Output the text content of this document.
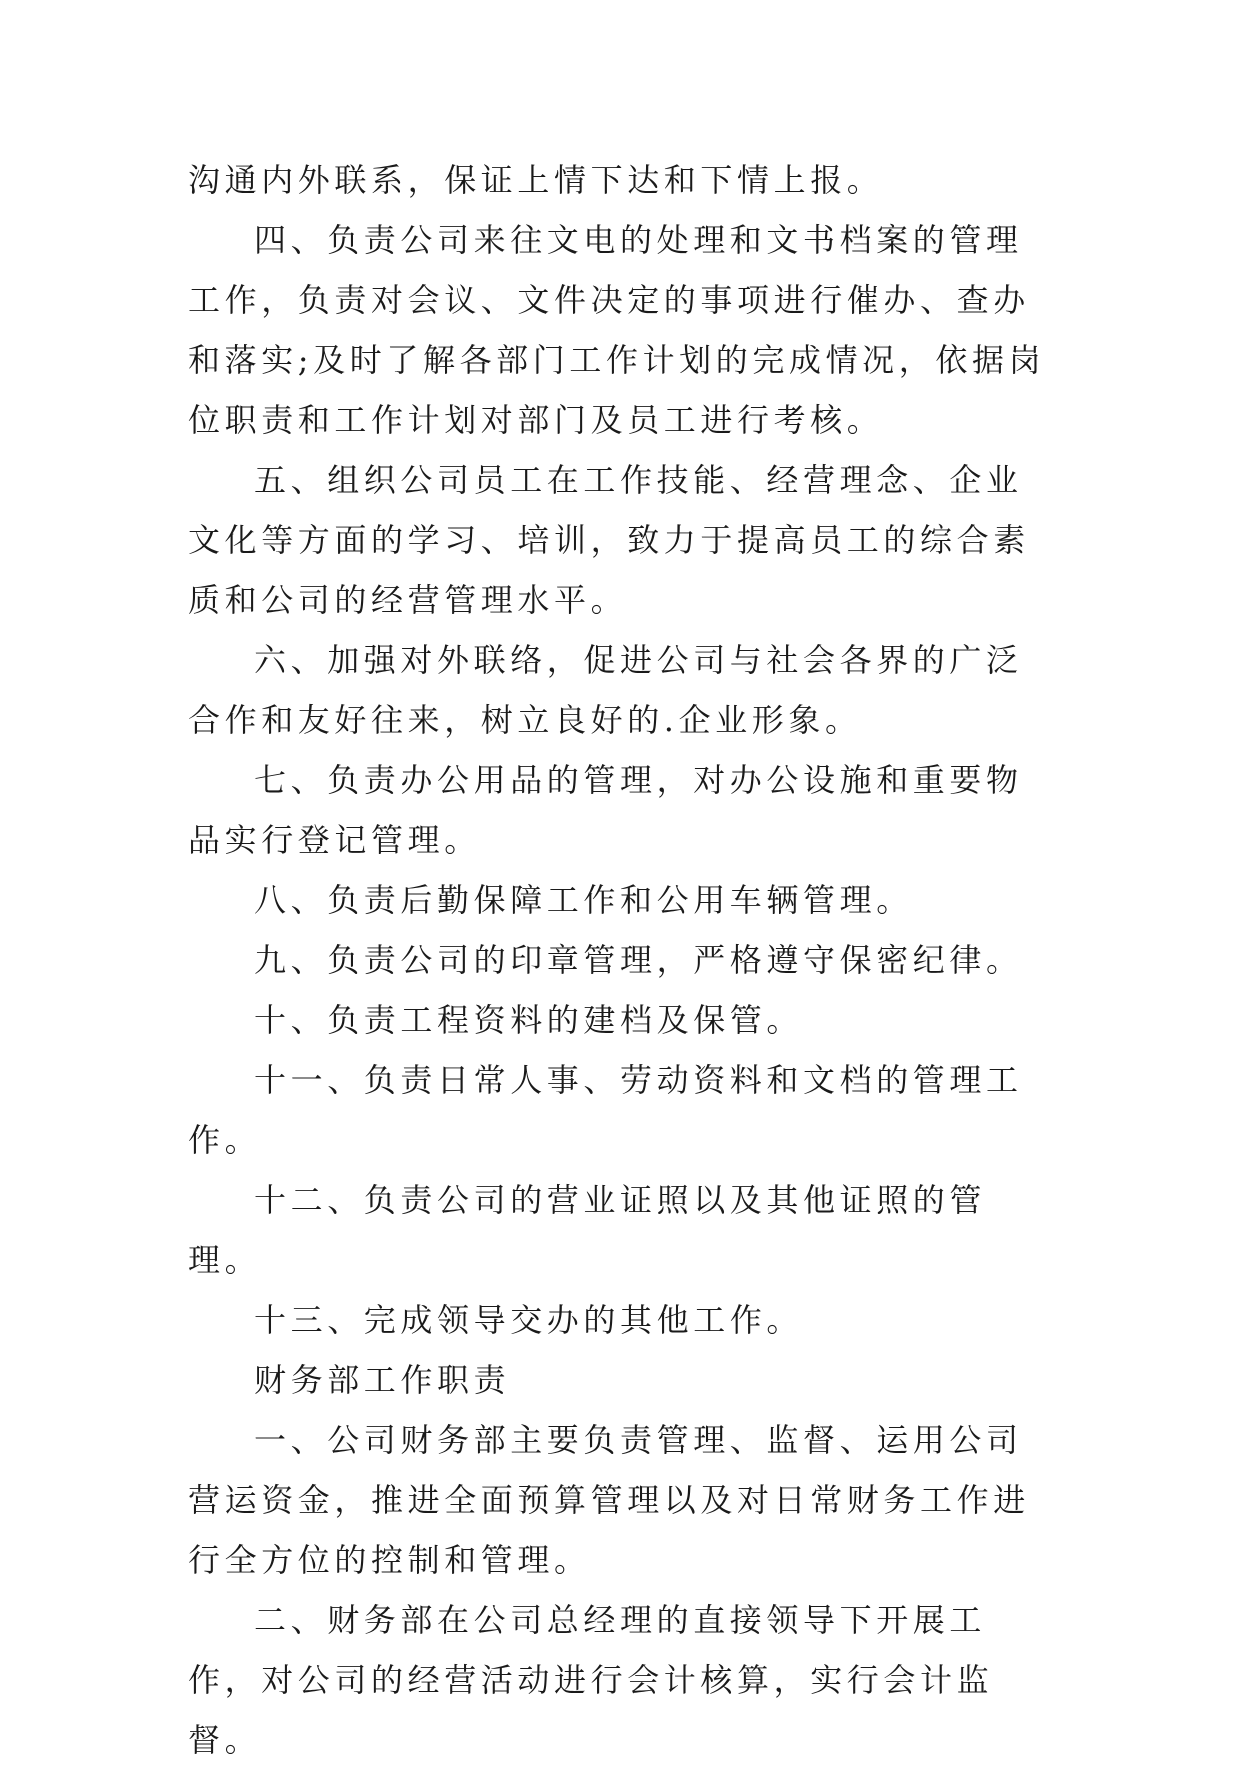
沟通内外联系，保证上情下达和下情上报。

四、负责公司来往文电的处理和文书档案的管理工作，负责对会议、文件决定的事项进行催办、查办和落实;及时了解各部门工作计划的完成情况，依据岗位职责和工作计划对部门及员工进行考核。

五、组织公司员工在工作技能、经营理念、企业文化等方面的学习、培训，致力于提高员工的综合素质和公司的经营管理水平。

六、加强对外联络，促进公司与社会各界的广泛合作和友好往来，树立良好的.企业形象。

七、负责办公用品的管理，对办公设施和重要物品实行登记管理。

八、负责后勤保障工作和公用车辆管理。

九、负责公司的印章管理，严格遵守保密纪律。

十、负责工程资料的建档及保管。

十一、负责日常人事、劳动资料和文档的管理工作。

十二、负责公司的营业证照以及其他证照的管理。

十三、完成领导交办的其他工作。

财务部工作职责

一、公司财务部主要负责管理、监督、运用公司营运资金，推进全面预算管理以及对日常财务工作进行全方位的控制和管理。

二、财务部在公司总经理的直接领导下开展工作，对公司的经营活动进行会计核算，实行会计监督。
